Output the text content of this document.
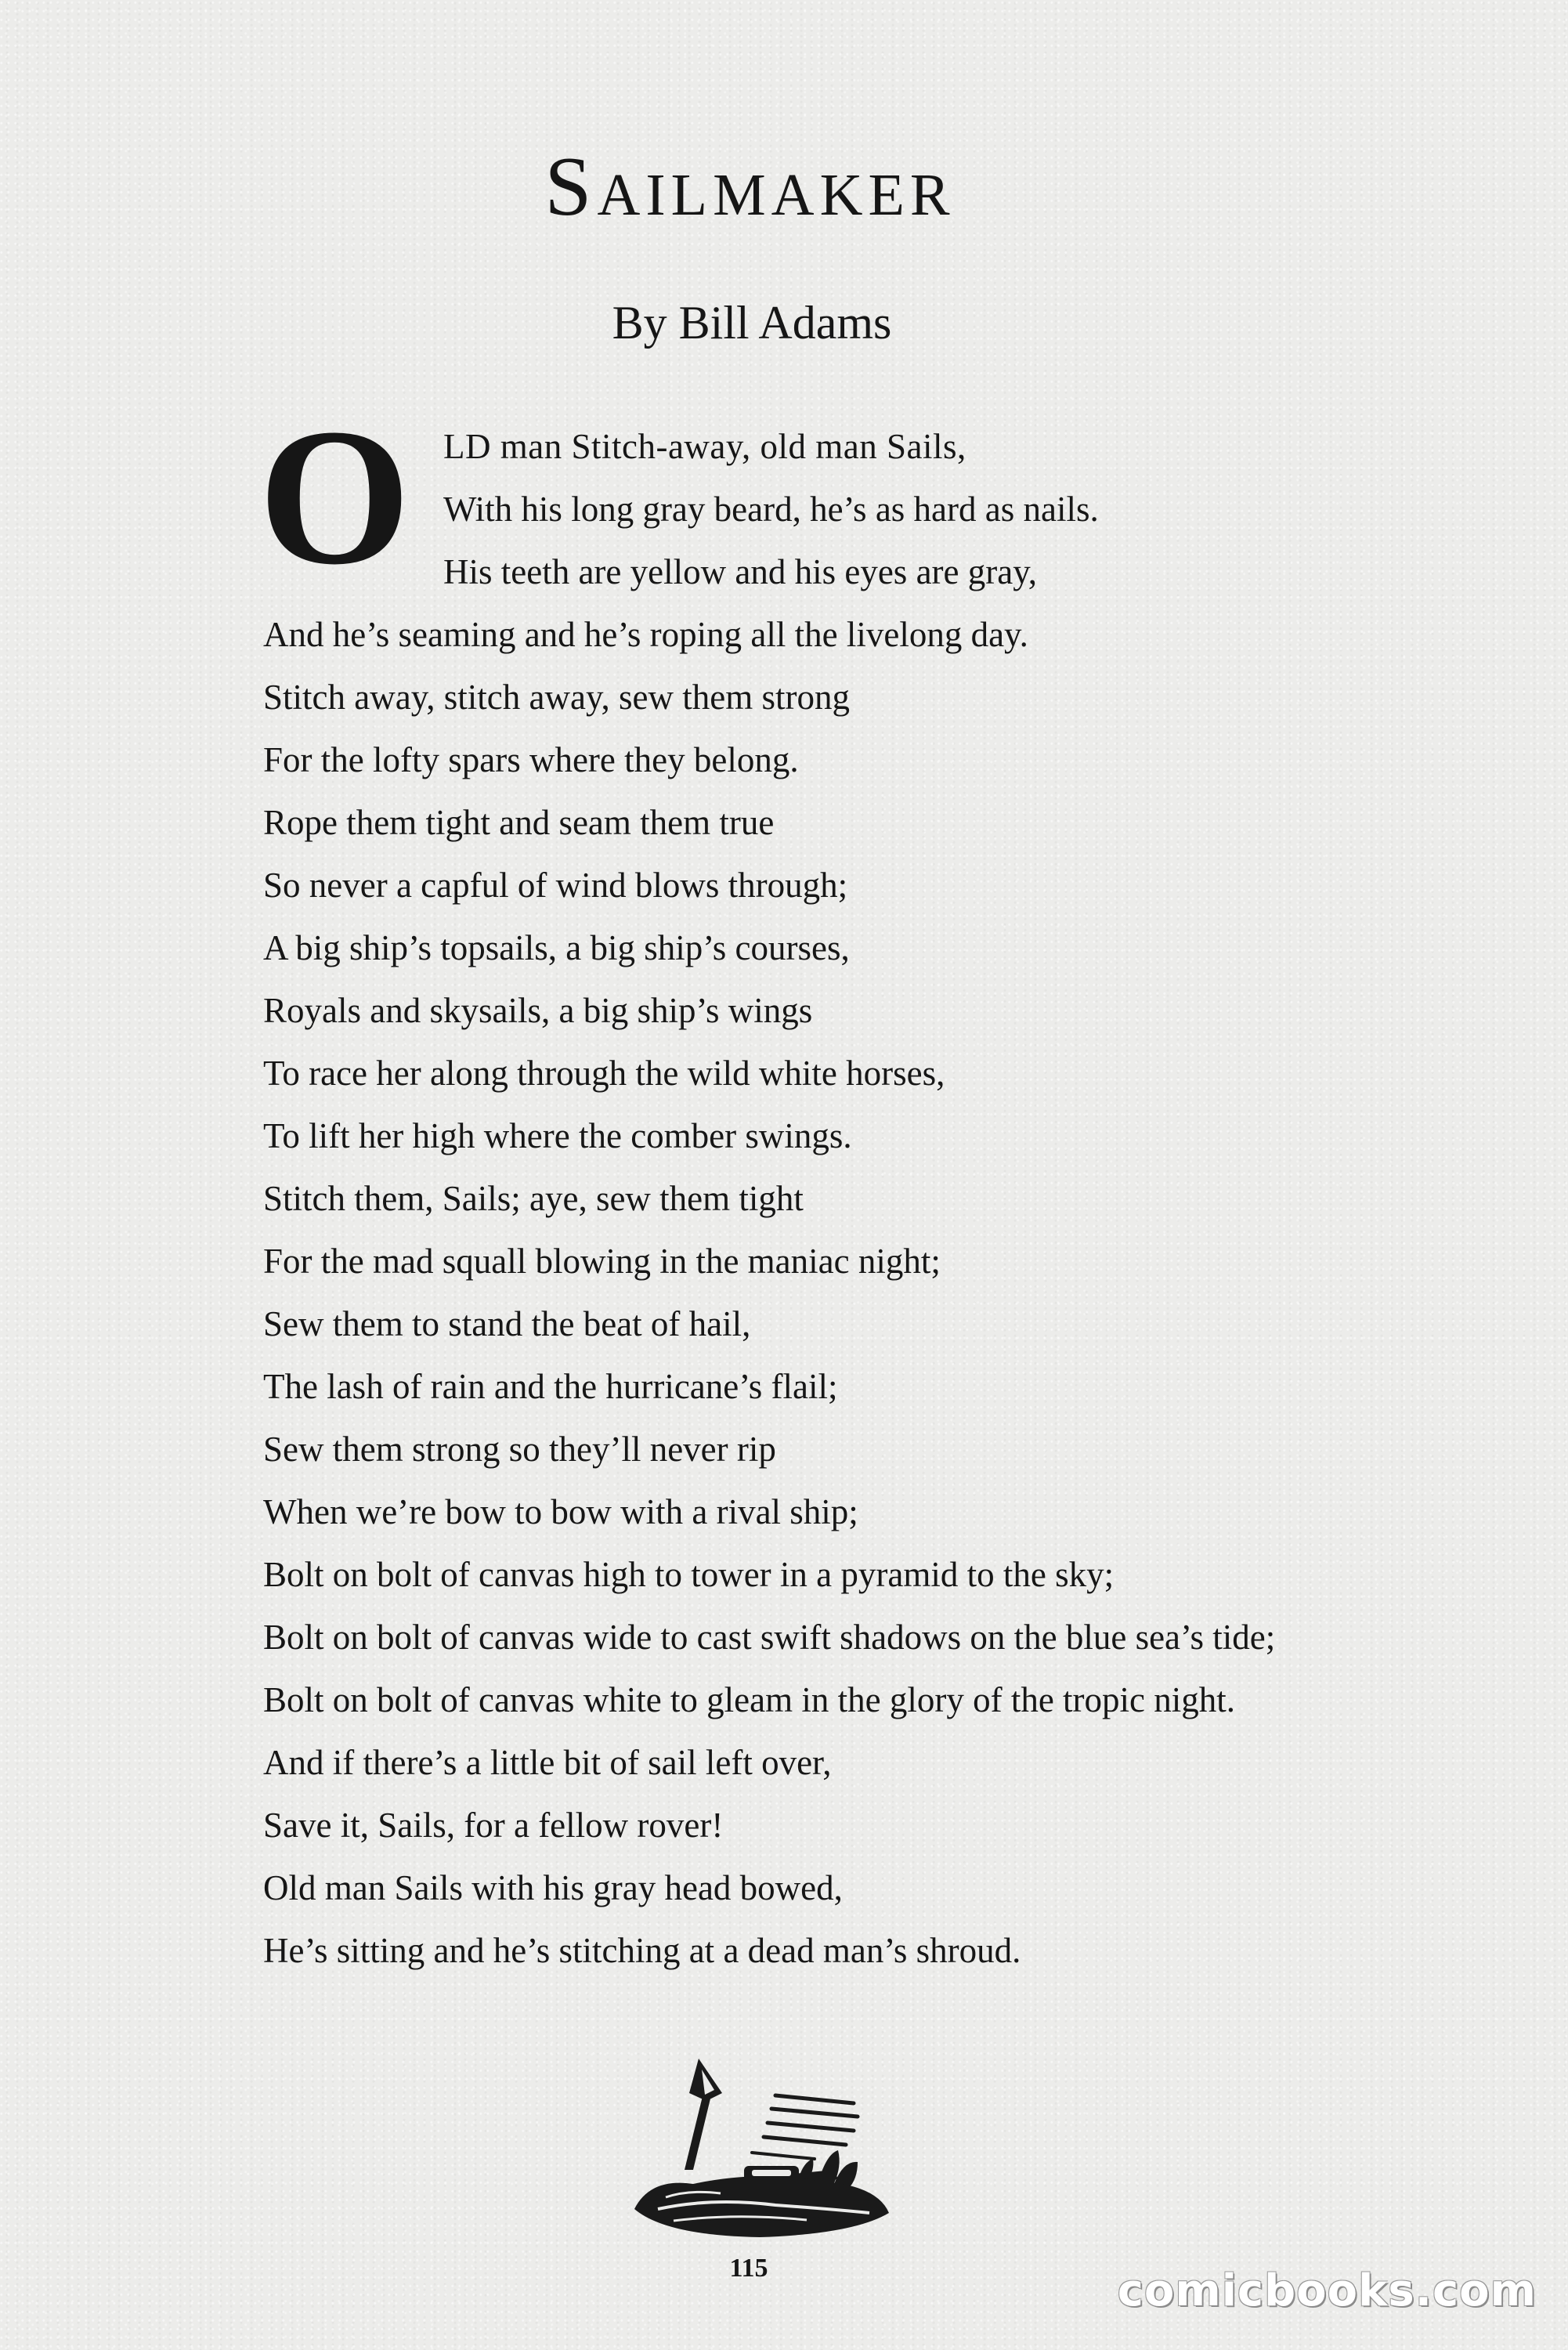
Sailmaker
By Bill Adams
O LD man Stitch-away, old man Sails,
With his long gray beard, he’s as hard as nails.
His teeth are yellow and his eyes are gray,
And he’s seaming and he’s roping all the livelong day.
Stitch away, stitch away, sew them strong
For the lofty spars where they belong.
Rope them tight and seam them true
So never a capful of wind blows through;
A big ship’s topsails, a big ship’s courses,
Royals and skysails, a big ship’s wings
To race her along through the wild white horses,
To lift her high where the comber swings.
Stitch them, Sails; aye, sew them tight
For the mad squall blowing in the maniac night;
Sew them to stand the beat of hail,
The lash of rain and the hurricane’s flail;
Sew them strong so they’ll never rip
When we’re bow to bow with a rival ship;
Bolt on bolt of canvas high to tower in a pyramid to the sky;
Bolt on bolt of canvas wide to cast swift shadows on the blue sea’s tide;
Bolt on bolt of canvas white to gleam in the glory of the tropic night.
And if there’s a little bit of sail left over,
Save it, Sails, for a fellow rover!
Old man Sails with his gray head bowed,
He’s sitting and he’s stitching at a dead man’s shroud.
115	comicbooks.com
